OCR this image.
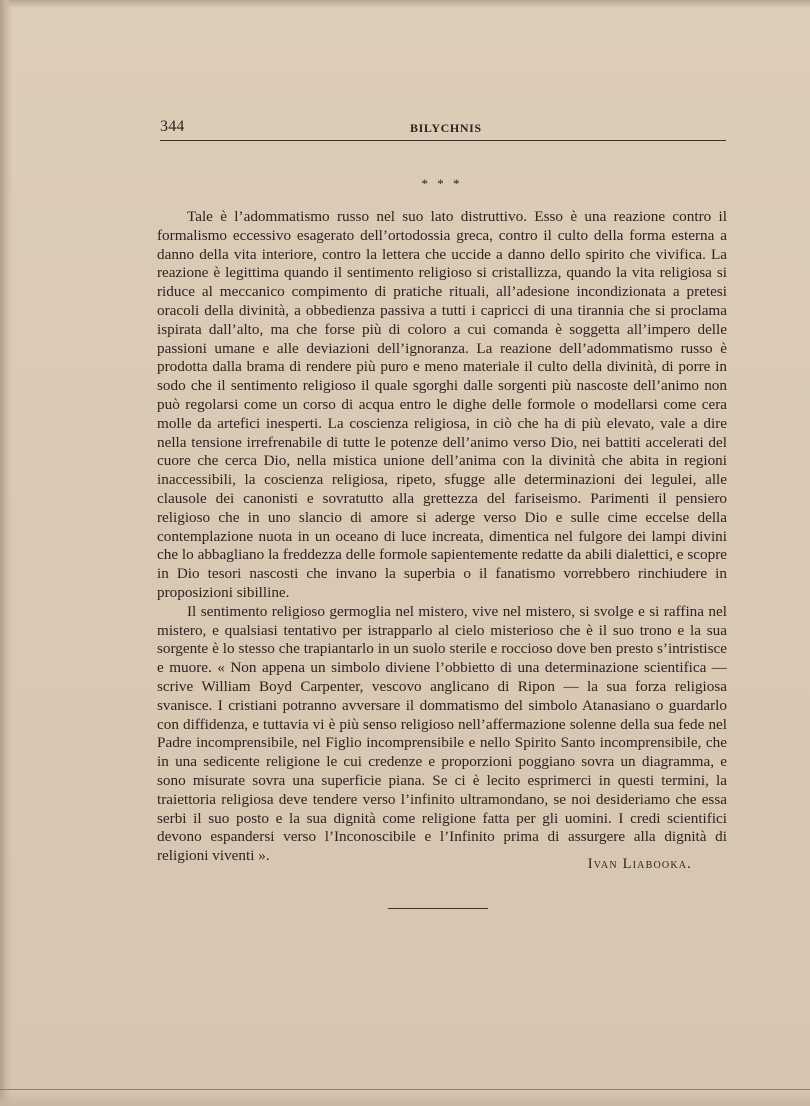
344	BILYCHNIS
* * *

Tale è l’adommatismo russo nel suo lato distruttivo. Esso è una reazione contro il formalismo eccessivo esagerato dell’ortodossia greca, contro il culto della forma esterna a danno della vita interiore, contro la lettera che uccide a danno dello spirito che vivifica. La reazione è legittima quando il sentimento religioso si cristallizza, quando la vita religiosa si riduce al meccanico compimento di pratiche rituali, all’adesione incondizionata a pretesi oracoli della divinità, a obbedienza passiva a tutti i capricci di una tirannia che si proclama ispirata dall’alto, ma che forse più di coloro a cui comanda è soggetta all’impero delle passioni umane e alle deviazioni dell’ignoranza. La reazione dell’adommatismo russo è prodotta dalla brama di rendere più puro e meno materiale il culto della divinità, di porre in sodo che il sentimento religioso il quale sgorghi dalle sorgenti più nascoste dell’animo non può regolarsi come un corso di acqua entro le dighe delle formole o modellarsi come cera molle da artefici inesperti. La coscienza religiosa, in ciò che ha di più elevato, vale a dire nella tensione irrefrenabile di tutte le potenze dell’animo verso Dio, nei battiti accelerati del cuore che cerca Dio, nella mistica unione dell’anima con la divinità che abita in regioni inaccessibili, la coscienza religiosa, ripeto, sfugge alle determinazioni dei legulei, alle clausole dei canonisti e sovratutto alla grettezza del fariseismo. Parimenti il pensiero religioso che in uno slancio di amore si aderge verso Dio e sulle cime eccelse della contemplazione nuota in un oceano di luce increata, dimentica nel fulgore dei lampi divini che lo abbagliano la freddezza delle formole sapientemente redatte da abili dialettici, e scopre in Dio tesori nascosti che invano la superbia o il fanatismo vorrebbero rinchiudere in proposizioni sibilline.

Il sentimento religioso germoglia nel mistero, vive nel mistero, si svolge e si raffina nel mistero, e qualsiasi tentativo per istrapparlo al cielo misterioso che è il suo trono e la sua sorgente è lo stesso che trapiantarlo in un suolo sterile e roccioso dove ben presto s’intristisce e muore. « Non appena un simbolo diviene l’obbietto di una determinazione scientifica — scrive William Boyd Carpenter, vescovo anglicano di Ripon — la sua forza religiosa svanisce. I cristiani potranno avversare il dommatismo del simbolo Atanasiano o guardarlo con diffidenza, e tuttavia vi è più senso religioso nell’affermazione solenne della sua fede nel Padre incomprensibile, nel Figlio incomprensibile e nello Spirito Santo incomprensibile, che in una sedicente religione le cui credenze e proporzioni poggiano sovra un diagramma, e sono misurate sovra una superficie piana. Se ci è lecito esprimerci in questi termini, la traiettoria religiosa deve tendere verso l’infinito ultramondano, se noi desideriamo che essa serbi il suo posto e la sua dignità come religione fatta per gli uomini. I credi scientifici devono espandersi verso l’Inconoscibile e l’Infinito prima di assurgere alla dignità di religioni viventi ».	Ivan Liabooka.
